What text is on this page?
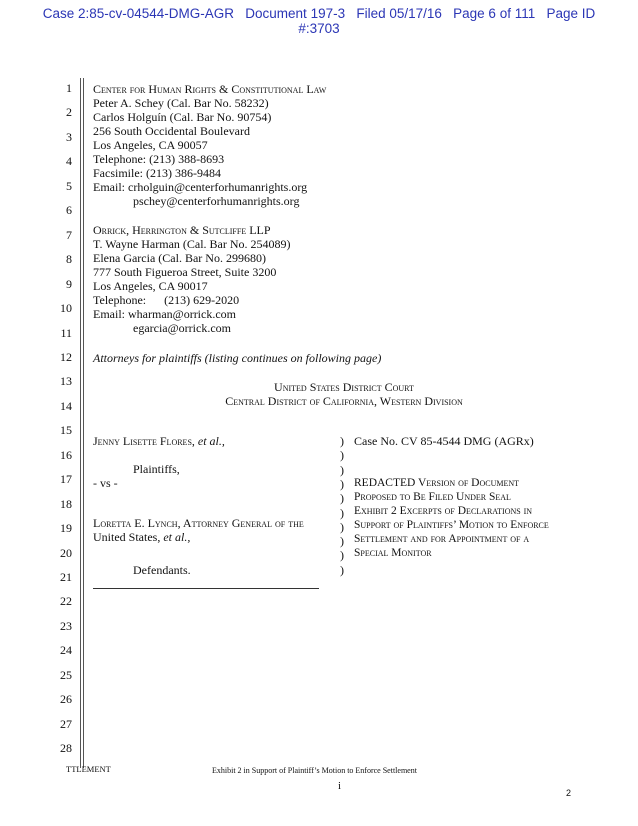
Case 2:85-cv-04544-DMG-AGR   Document 197-3   Filed 05/17/16   Page 6 of 111   Page ID
#:3703
1
2
3
4
5
6
7
8
9
10
11
12
13
14
15
16
17
18
19
20
21
22
23
24
25
26
27
28
Center for Human Rights & Constitutional Law
Peter A. Schey (Cal. Bar No. 58232)
Carlos Holguín (Cal. Bar No. 90754)
256 South Occidental Boulevard
Los Angeles, CA 90057
Telephone: (213) 388-8693
Facsimile: (213) 386-9484
Email: crholguin@centerforhumanrights.org
pschey@centerforhumanrights.org
Orrick, Herrington & Sutcliffe LLP
T. Wayne Harman (Cal. Bar No. 254089)
Elena Garcia (Cal. Bar No. 299680)
777 South Figueroa Street, Suite 3200
Los Angeles, CA 90017
Telephone:      (213) 629-2020
Email: wharman@orrick.com
egarcia@orrick.com
Attorneys for plaintiffs (listing continues on following page)
United States District Court
Central District of California, Western Division
Jenny Lisette Flores, et al.,
Plaintiffs,
- vs -
Loretta E. Lynch, Attorney General of the
United States, et al.,
Defendants.
)
)
)
)
)
)
)
)
)
)
Case No. CV 85-4544 DMG (AGRx)
REDACTED Version of Document
Proposed to Be Filed Under Seal
Exhibit 2 Excerpts of Declarations in
Support of Plaintiffs’ Motion to Enforce
Settlement and for Appointment of a
Special Monitor
TTLEMENT	Exhibit 2 in Support of Plaintiff’s Motion to Enforce Settlement
i
2
